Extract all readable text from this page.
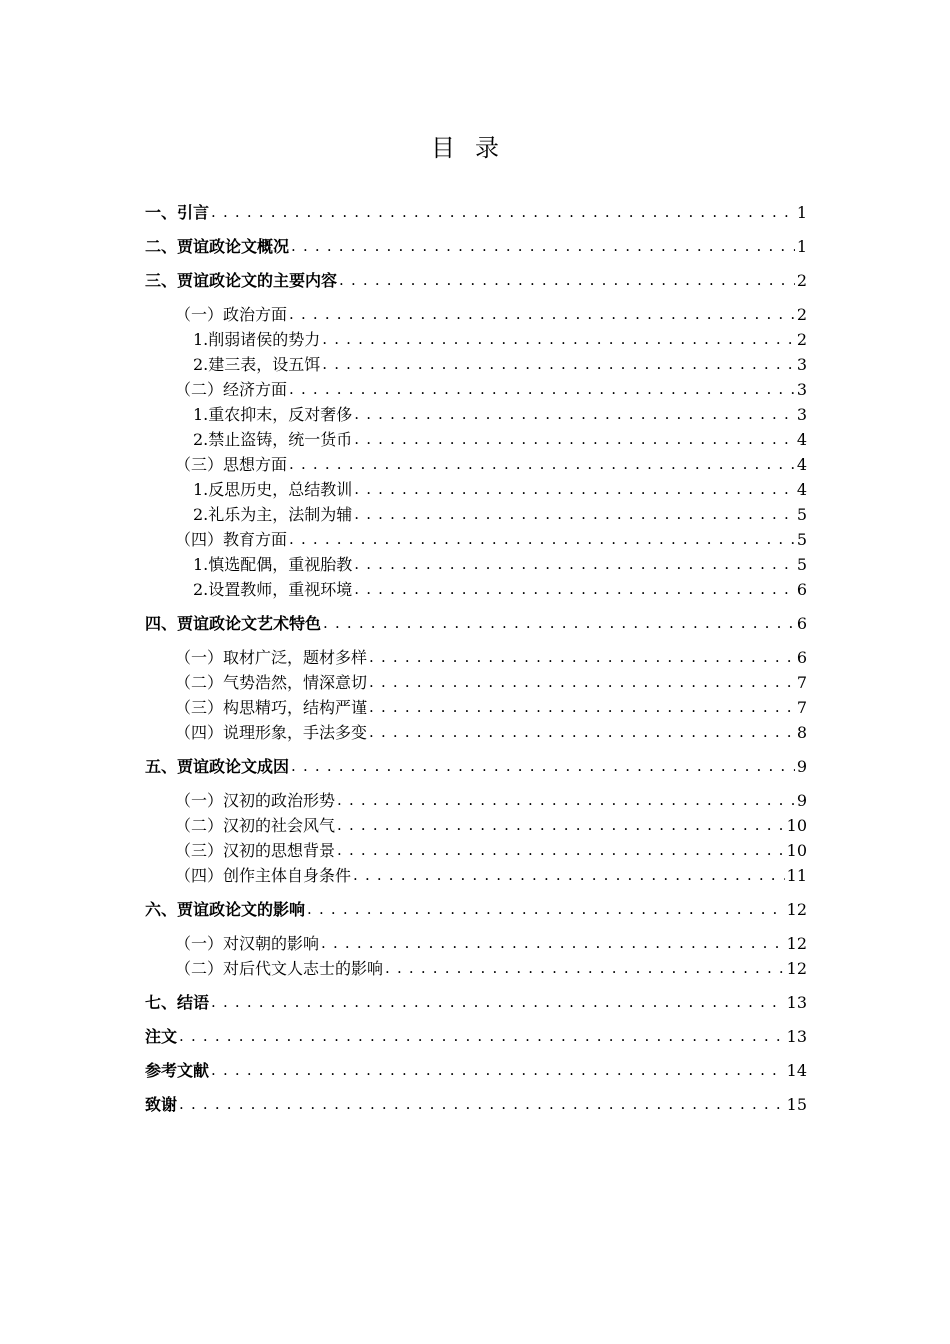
目录
一、引言 . . .	1
二、贾谊政论文概况 . . .	1
三、贾谊政论文的主要内容 . . .	2
（一）政治方面 . . .	2
1.削弱诸侯的势力 . . .	2
2.建三表，设五饵 . . .	3
（二）经济方面 . . .	3
1.重农抑末，反对奢侈 . . .	3
2.禁止盗铸，统一货币 . . .	4
（三）思想方面 . . .	4
1.反思历史，总结教训 . . .	4
2.礼乐为主，法制为辅 . . .	5
（四）教育方面 . . .	5
1.慎选配偶，重视胎教 . . .	5
2.设置教师，重视环境 . . .	6
四、贾谊政论文艺术特色 . . .	6
（一）取材广泛，题材多样 . . .	6
（二）气势浩然，情深意切 . . .	7
（三）构思精巧，结构严谨 . . .	7
（四）说理形象，手法多变 . . .	8
五、贾谊政论文成因 . . .	9
（一）汉初的政治形势 . . .	9
（二）汉初的社会风气 . . .	10
（三）汉初的思想背景 . . .	10
（四）创作主体自身条件 . . .	11
六、贾谊政论文的影响 . . .	12
（一）对汉朝的影响 . . .	12
（二）对后代文人志士的影响 . . .	12
七、结语 . . .	13
注文 . . .	13
参考文献 . . .	14
致谢 . . .	15
